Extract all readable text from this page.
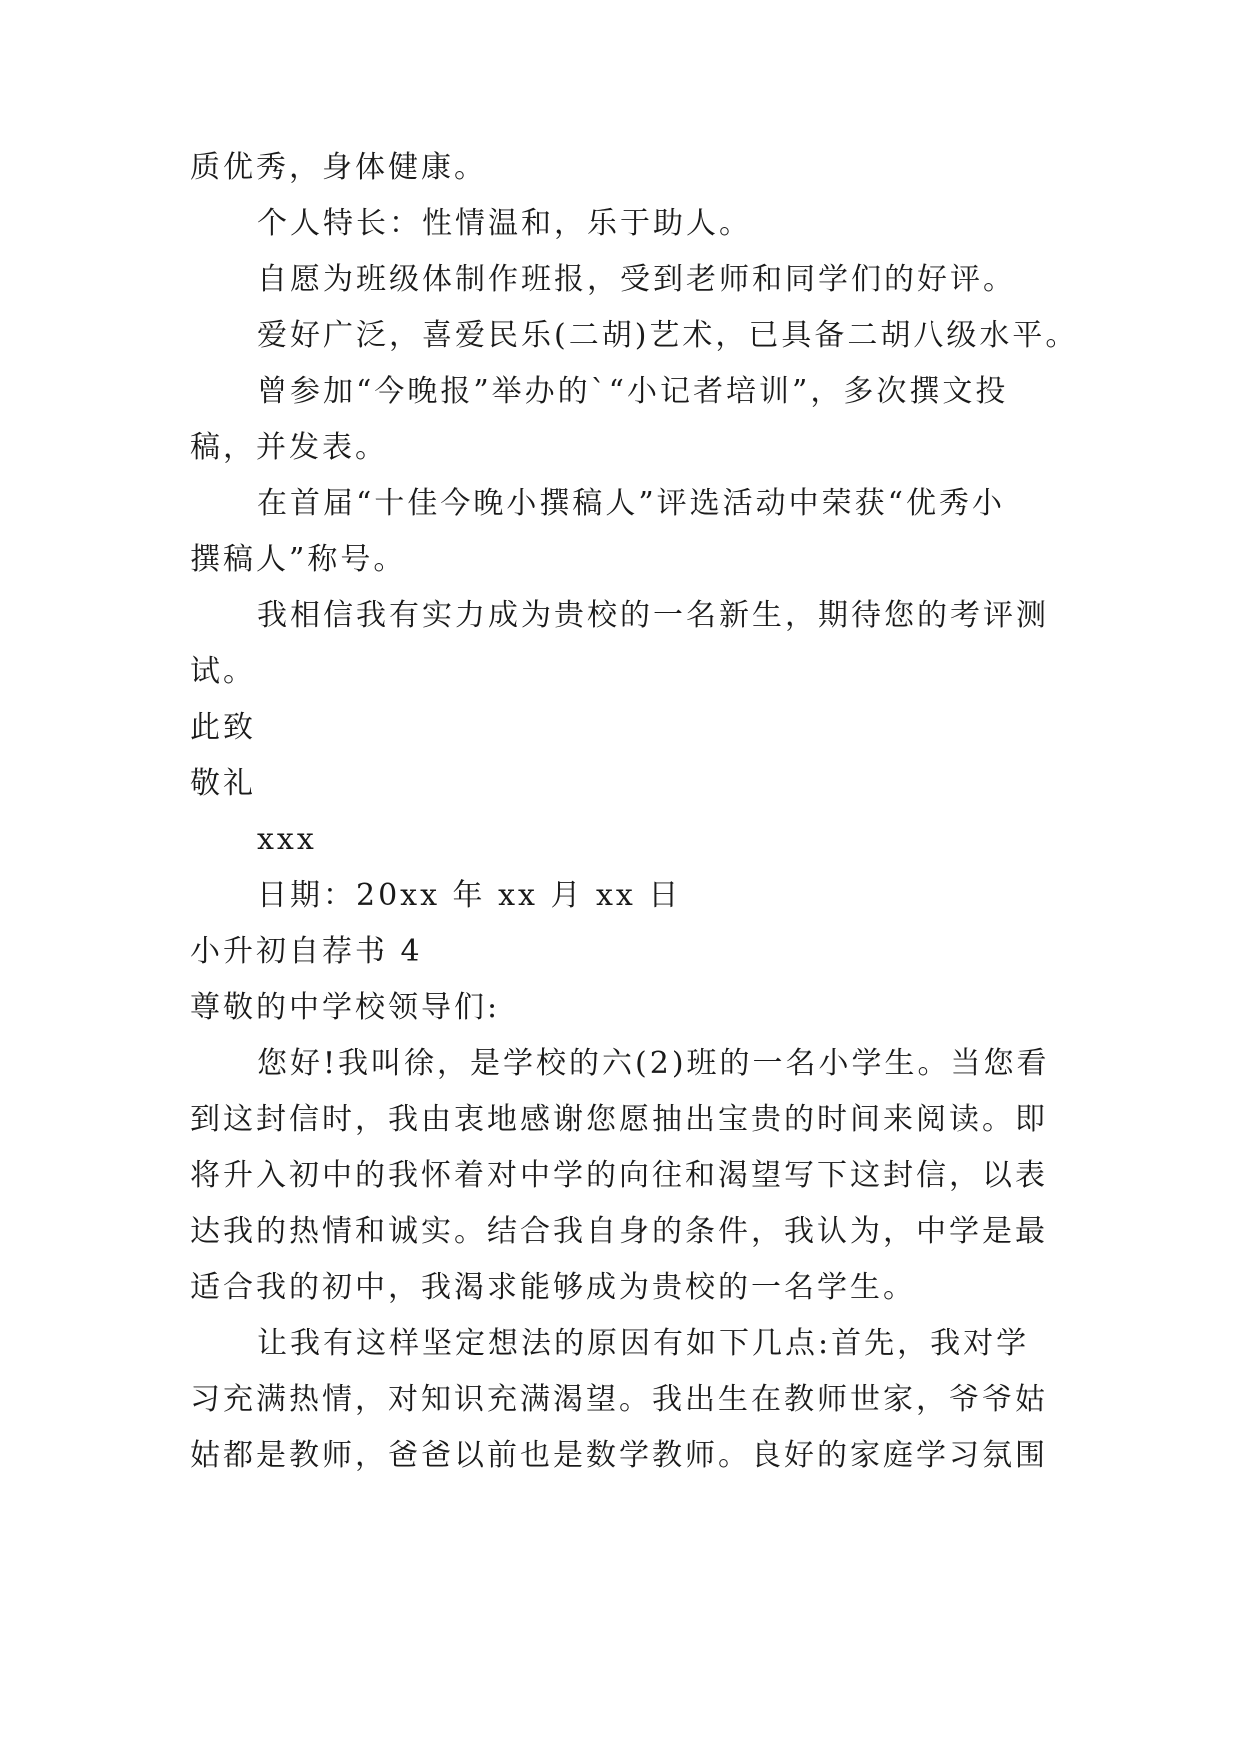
质优秀，身体健康。
个人特长：性情温和，乐于助人。
自愿为班级体制作班报，受到老师和同学们的好评。
爱好广泛，喜爱民乐(二胡)艺术，已具备二胡八级水平。
曾参加“今晚报”举办的`“小记者培训”，多次撰文投
稿，并发表。
在首届“十佳今晚小撰稿人”评选活动中荣获“优秀小
撰稿人”称号。
我相信我有实力成为贵校的一名新生，期待您的考评测
试。
此致
敬礼
xxx
日期：20xx 年 xx 月 xx 日
小升初自荐书 4
尊敬的中学校领导们:
您好!我叫徐，是学校的六(2)班的一名小学生。当您看
到这封信时，我由衷地感谢您愿抽出宝贵的时间来阅读。即
将升入初中的我怀着对中学的向往和渴望写下这封信，以表
达我的热情和诚实。结合我自身的条件，我认为，中学是最
适合我的初中，我渴求能够成为贵校的一名学生。
让我有这样坚定想法的原因有如下几点:首先，我对学
习充满热情，对知识充满渴望。我出生在教师世家，爷爷姑
姑都是教师，爸爸以前也是数学教师。良好的家庭学习氛围
